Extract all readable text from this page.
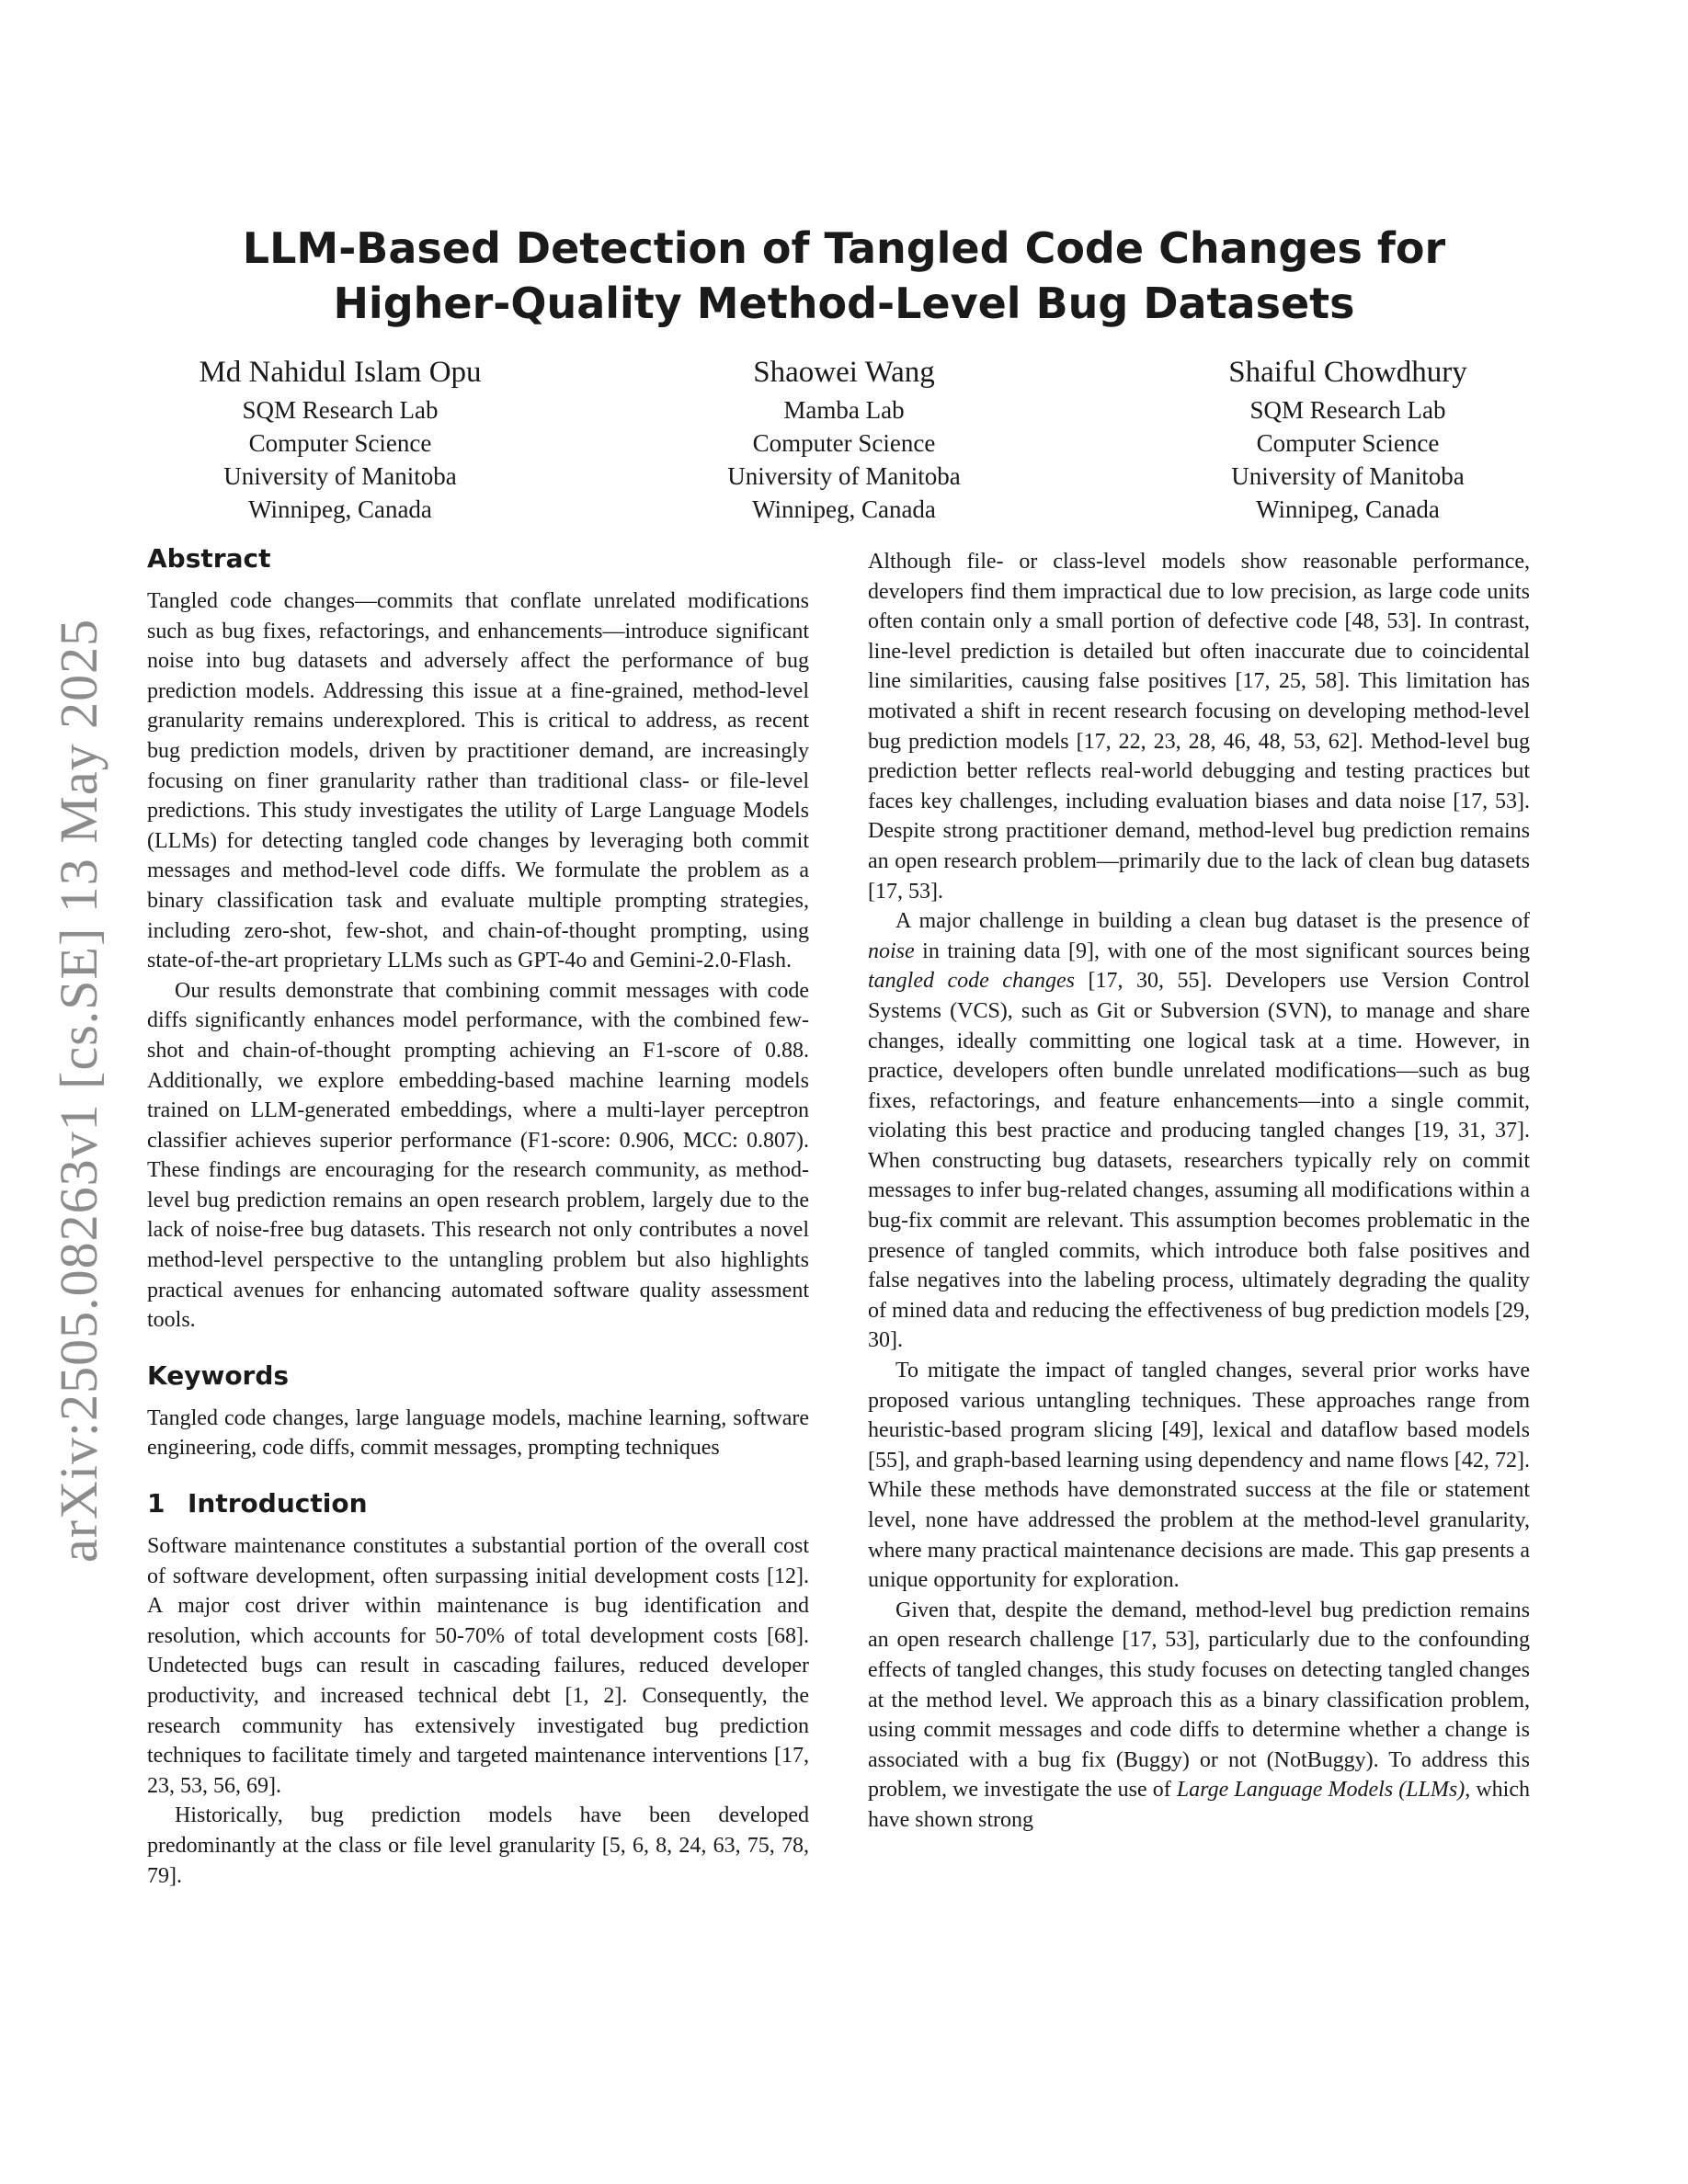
arXiv:2505.08263v1 [cs.SE] 13 May 2025
LLM-Based Detection of Tangled Code Changes for
Higher-Quality Method-Level Bug Datasets
Md Nahidul Islam Opu
SQM Research Lab
Computer Science
University of Manitoba
Winnipeg, Canada
Shaowei Wang
Mamba Lab
Computer Science
University of Manitoba
Winnipeg, Canada
Shaiful Chowdhury
SQM Research Lab
Computer Science
University of Manitoba
Winnipeg, Canada
Abstract

Tangled code changes—commits that conflate unrelated modifications such as bug fixes, refactorings, and enhancements—introduce significant noise into bug datasets and adversely affect the performance of bug prediction models. Addressing this issue at a fine-grained, method-level granularity remains underexplored. This is critical to address, as recent bug prediction models, driven by practitioner demand, are increasingly focusing on finer granularity rather than traditional class- or file-level predictions. This study investigates the utility of Large Language Models (LLMs) for detecting tangled code changes by leveraging both commit messages and method-level code diffs. We formulate the problem as a binary classification task and evaluate multiple prompting strategies, including zero-shot, few-shot, and chain-of-thought prompting, using state-of-the-art proprietary LLMs such as GPT-4o and Gemini-2.0-Flash.

Our results demonstrate that combining commit messages with code diffs significantly enhances model performance, with the combined few-shot and chain-of-thought prompting achieving an F1-score of 0.88. Additionally, we explore embedding-based machine learning models trained on LLM-generated embeddings, where a multi-layer perceptron classifier achieves superior performance (F1-score: 0.906, MCC: 0.807). These findings are encouraging for the research community, as method-level bug prediction remains an open research problem, largely due to the lack of noise-free bug datasets. This research not only contributes a novel method-level perspective to the untangling problem but also highlights practical avenues for enhancing automated software quality assessment tools.

Keywords

Tangled code changes, large language models, machine learning, software engineering, code diffs, commit messages, prompting techniques

1 Introduction

Software maintenance constitutes a substantial portion of the overall cost of software development, often surpassing initial development costs [12]. A major cost driver within maintenance is bug identification and resolution, which accounts for 50-70% of total development costs [68]. Undetected bugs can result in cascading failures, reduced developer productivity, and increased technical debt [1, 2]. Consequently, the research community has extensively investigated bug prediction techniques to facilitate timely and targeted maintenance interventions [17, 23, 53, 56, 69].

Historically, bug prediction models have been developed predominantly at the class or file level granularity [5, 6, 8, 24, 63, 75, 78, 79].

Although file- or class-level models show reasonable performance, developers find them impractical due to low precision, as large code units often contain only a small portion of defective code [48, 53]. In contrast, line-level prediction is detailed but often inaccurate due to coincidental line similarities, causing false positives [17, 25, 58]. This limitation has motivated a shift in recent research focusing on developing method-level bug prediction models [17, 22, 23, 28, 46, 48, 53, 62]. Method-level bug prediction better reflects real-world debugging and testing practices but faces key challenges, including evaluation biases and data noise [17, 53]. Despite strong practitioner demand, method-level bug prediction remains an open research problem—primarily due to the lack of clean bug datasets [17, 53].

A major challenge in building a clean bug dataset is the presence of noise in training data [9], with one of the most significant sources being tangled code changes [17, 30, 55]. Developers use Version Control Systems (VCS), such as Git or Subversion (SVN), to manage and share changes, ideally committing one logical task at a time. However, in practice, developers often bundle unrelated modifications—such as bug fixes, refactorings, and feature enhancements—into a single commit, violating this best practice and producing tangled changes [19, 31, 37]. When constructing bug datasets, researchers typically rely on commit messages to infer bug-related changes, assuming all modifications within a bug-fix commit are relevant. This assumption becomes problematic in the presence of tangled commits, which introduce both false positives and false negatives into the labeling process, ultimately degrading the quality of mined data and reducing the effectiveness of bug prediction models [29, 30].

To mitigate the impact of tangled changes, several prior works have proposed various untangling techniques. These approaches range from heuristic-based program slicing [49], lexical and dataflow based models [55], and graph-based learning using dependency and name flows [42, 72]. While these methods have demonstrated success at the file or statement level, none have addressed the problem at the method-level granularity, where many practical maintenance decisions are made. This gap presents a unique opportunity for exploration.

Given that, despite the demand, method-level bug prediction remains an open research challenge [17, 53], particularly due to the confounding effects of tangled changes, this study focuses on detecting tangled changes at the method level. We approach this as a binary classification problem, using commit messages and code diffs to determine whether a change is associated with a bug fix (Buggy) or not (NotBuggy). To address this problem, we investigate the use of Large Language Models (LLMs), which have shown strong
